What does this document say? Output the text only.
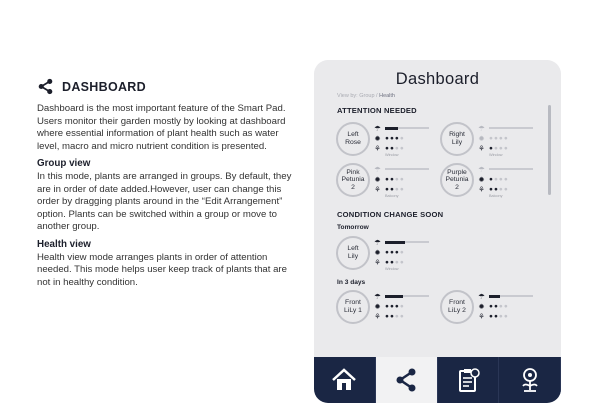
DASHBOARD

Dashboard is the most important feature of the Smart Pad. Users monitor their garden mostly by looking at dashboard where essential information of plant health such as water level, macro and micro nutrient condition is presented.

Group view

In this mode, plants are arranged in groups. By default, they are in order of date added.However, user can change this order by dragging plants around in the “Edit Arrangement” option. Plants can be switched within a group or move to another group.

Health view

Health view mode arranges plants in order of attention needed. This mode helps user keep track of plants that are not in healthy condition.

Dashboard
View by: Group / Health
ATTENTION NEEDED
Left
Rose
☂
✹ ●●●●
⚘ ●●●●
Window
Right
Lily
☂
✹ ●●●●
⚘ ●●●●
Window
Pink
Petunia
2
☂
✹ ●●●●
⚘ ●●●●
Balcony
Purple
Petunia
2
☂
✹ ●●●●
⚘ ●●●●
Balcony
CONDITION CHANGE SOON
Tomorrow
Left
Lily
☂
✹ ●●●●
⚘ ●●●●
Window
In 3 days
Front
LiLy 1
☂
✹ ●●●●
⚘ ●●●●
Front
LiLy 2
☂
✹ ●●●●
⚘ ●●●●
